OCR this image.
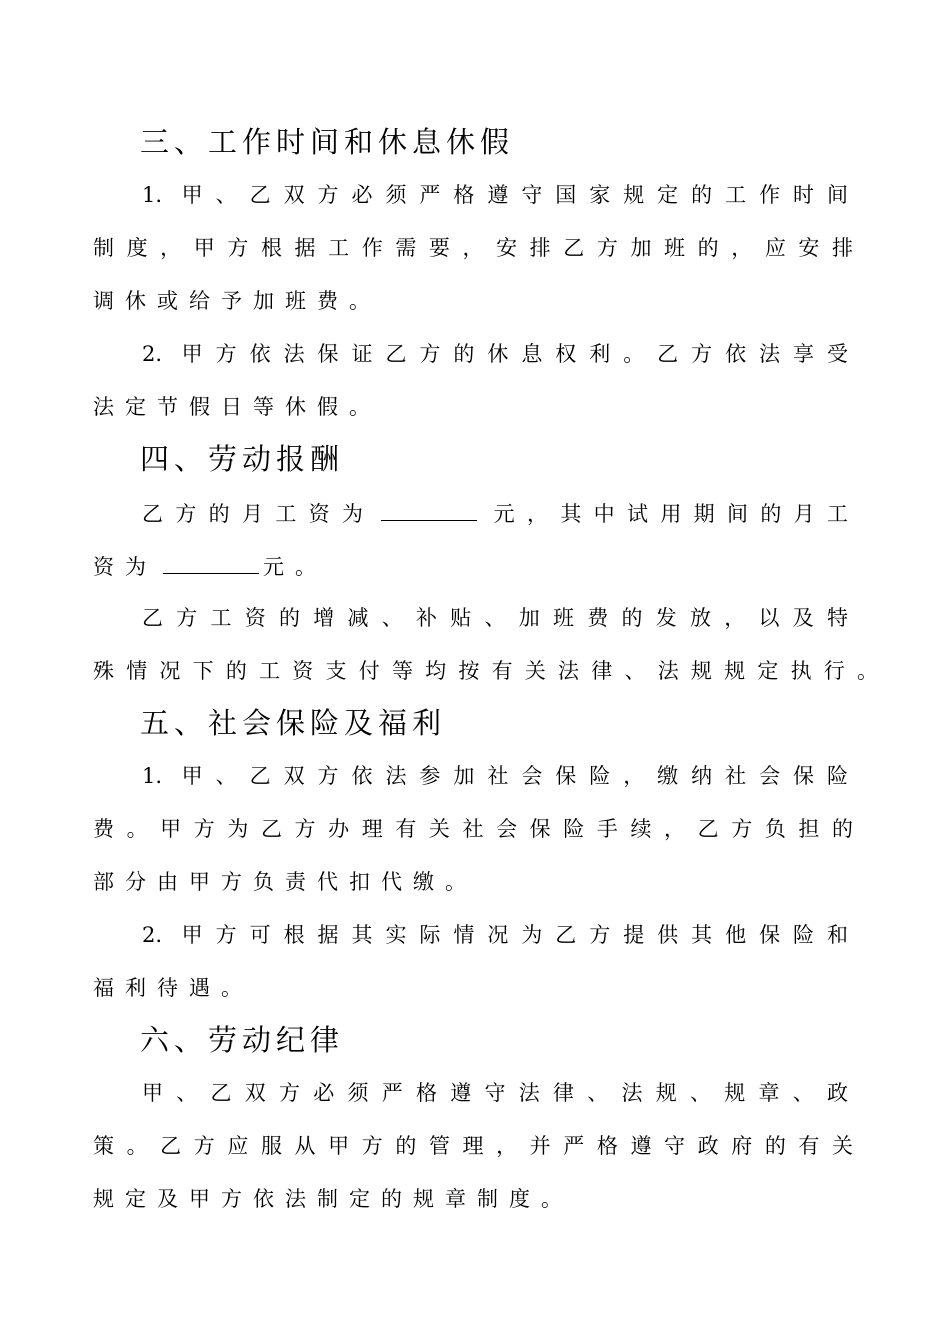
三、工作时间和休息休假
1. 甲、乙双方必须严格遵守国家规定的工作时间
制度，甲方根据工作需要，安排乙方加班的，应安排
调休或给予加班费。
2. 甲方依法保证乙方的休息权利。乙方依法享受
法定节假日等休假。
四、劳动报酬
乙方的月工资为	元，其中试用期间的月工
资为	元。
乙方工资的增减、补贴、加班费的发放，以及特
殊情况下的工资支付等均按有关法律、法规规定执行。
五、社会保险及福利
1. 甲、乙双方依法参加社会保险，缴纳社会保险
费。甲方为乙方办理有关社会保险手续，乙方负担的
部分由甲方负责代扣代缴。
2. 甲方可根据其实际情况为乙方提供其他保险和
福利待遇。
六、劳动纪律
甲、乙双方必须严格遵守法律、法规、规章、政
策。乙方应服从甲方的管理，并严格遵守政府的有关
规定及甲方依法制定的规章制度。
